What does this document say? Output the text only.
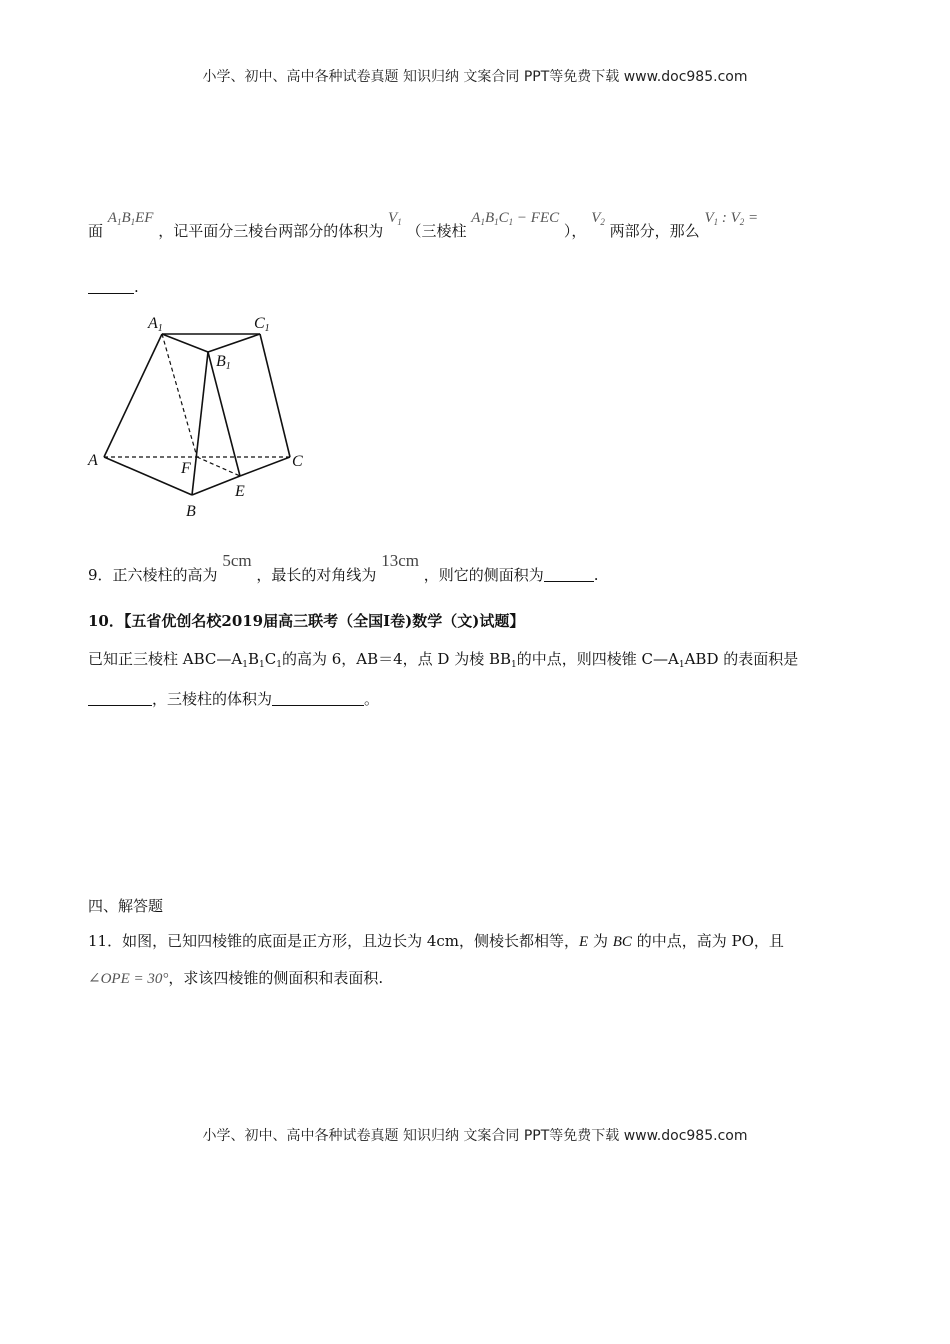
小学、初中、高中各种试卷真题 知识归纳 文案合同 PPT等免费下载 www.doc985.com
面 $A_1B_1EF$ ，记平面分三棱台两部分的体积为 $V_1$ （三棱柱 $A_1B_1C_1$ − FEC ）， $V_2$ 两部分，那么 $V_1$ : $V_2$ =
.
A1	C1
B1
A	F	C
E
B
9．正六棱柱的高为 5cm ，最长的对角线为 13cm ，则它的侧面积为	.
10．【五省优创名校2019届高三联考（全国I卷)数学（文)试题】
已知正三棱柱 $ABC—A_1B_1C_1$的高为 6，AB＝4，点 D 为棱 $BB_1$的中点，则四棱锥 $C—A_1ABD$ 的表面积是
，三棱柱的体积为	。
四、解答题
11．如图，已知四棱锥的底面是正方形，且边长为 4cm，侧棱长都相等，E 为 BC 的中点，高为 PO，且
∠OPE = 30°，求该四棱锥的侧面积和表面积.
小学、初中、高中各种试卷真题 知识归纳 文案合同 PPT等免费下载 www.doc985.com
